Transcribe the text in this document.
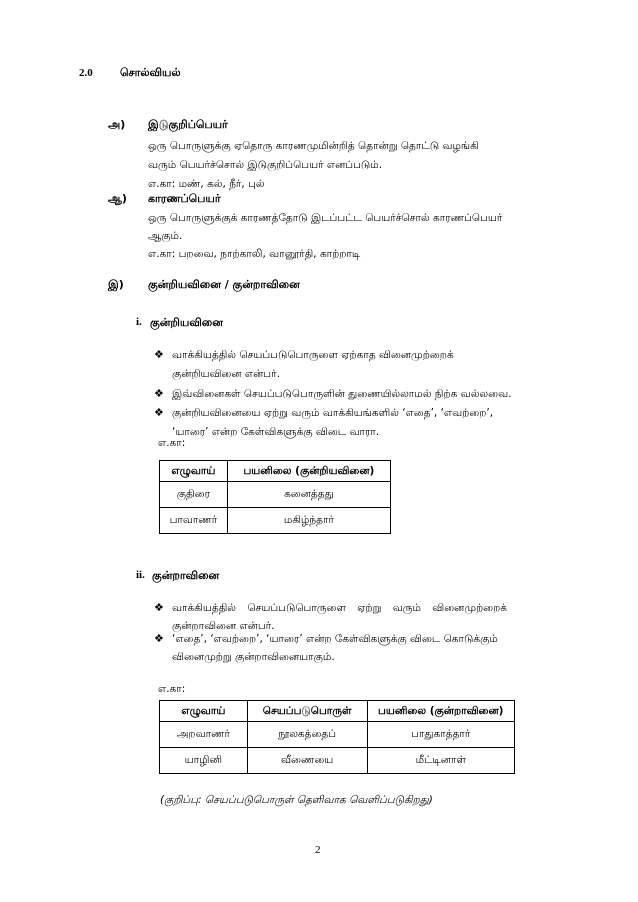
2.0 சொல்வியல்
அ) இடுகுறிப்பெயர்
ஒரு பொருளுக்கு ஏதொரு காரணமுமின்றித் தொன்று தொட்டு வழங்கி
வரும் பெயர்ச்சொல் இடுகுறிப்பெயர் எனப்படும்.
எ.கா: மண், கல், நீர், புல்
ஆ) காரணப்பெயர்
ஒரு பொருளுக்குக் காரணத்தோடு இடப்பட்ட பெயர்ச்சொல் காரணப்பெயர்
ஆகும்.
எ.கா: பறவை, நாற்காலி, வானூர்தி, காற்றாடி
இ) குன்றியவினை / குன்றாவினை
i. குன்றியவினை
❖ வாக்கியத்தில் செயப்படுபொருளை ஏற்காத வினைமுற்றைக்
குன்றியவினை என்பர்.
❖ இவ்வினைகள் செயப்படுபொருளின் துணையில்லாமல் நிற்க வல்லவை.
❖ குன்றியவினையை ஏற்று வரும் வாக்கியங்களில் ‘எதை’, ‘எவற்றை’,
‘யாரை’ என்ற கேள்விகளுக்கு விடை வாரா.
எ.கா:
எழுவாய்	பயனிலை (குன்றியவினை)
குதிரை	கனைத்தது
பாவாணர்	மகிழ்ந்தார்
ii. குன்றாவினை
❖ வாக்கியத்தில் செயப்படுபொருளை ஏற்று வரும் வினைமுற்றைக்
குன்றாவினை என்பர்.
❖ ‘எதை’, ‘எவற்றை’, ‘யாரை’ என்ற கேள்விகளுக்கு விடை கொடுக்கும்
வினைமுற்று குன்றாவினையாகும்.
எ.கா:
எழுவாய்	செயப்படுபொருள்	பயனிலை (குன்றாவினை)
அறவாணர்	நூலகத்தைப்	பாதுகாத்தார்
யாழினி	வீணையை	மீட்டினாள்
(குறிப்பு: செயப்படுபொருள் தெளிவாக வெளிப்படுகிறது)
2
